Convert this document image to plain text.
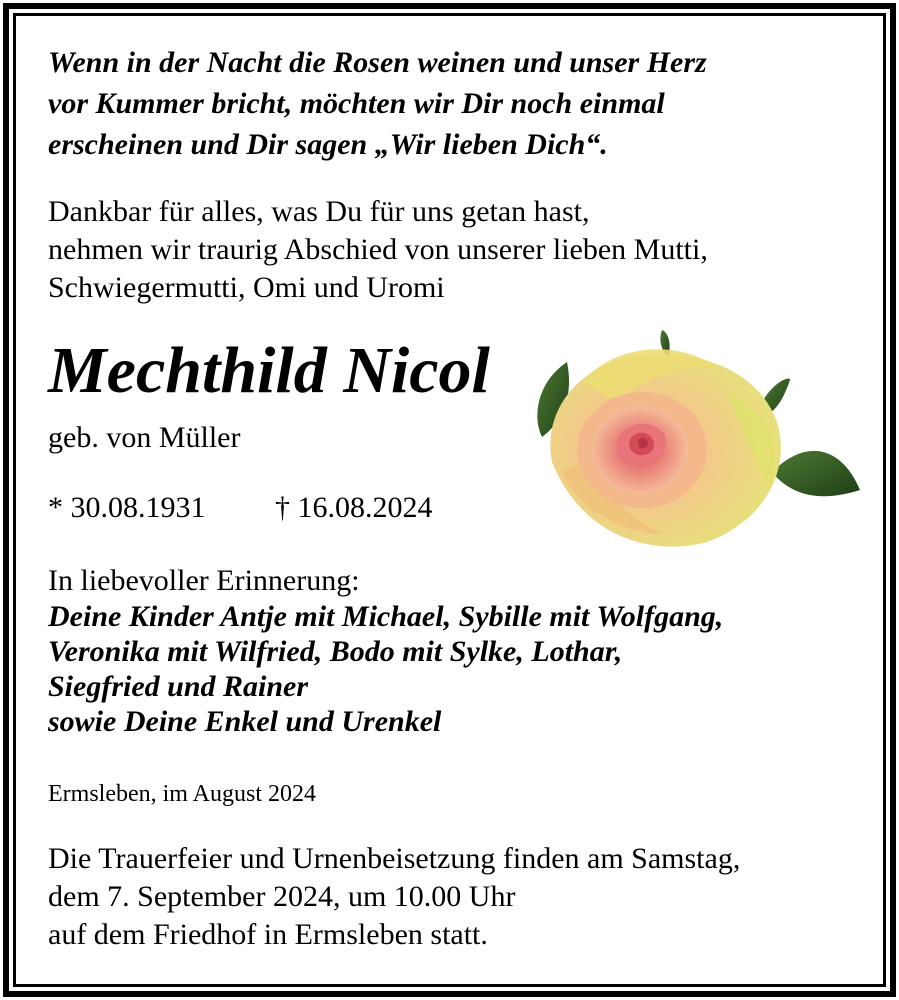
Wenn in der Nacht die Rosen weinen und unser Herz
vor Kummer bricht, möchten wir Dir noch einmal
erscheinen und Dir sagen „Wir lieben Dich“.
Dankbar für alles, was Du für uns getan hast,
nehmen wir traurig Abschied von unserer lieben Mutti,
Schwiegermutti, Omi und Uromi
Mechthild Nicol
geb. von Müller
* 30.08.1931 † 16.08.2024
In liebevoller Erinnerung:
Deine Kinder Antje mit Michael, Sybille mit Wolfgang,
Veronika mit Wilfried, Bodo mit Sylke, Lothar,
Siegfried und Rainer
sowie Deine Enkel und Urenkel
Ermsleben, im August 2024
Die Trauerfeier und Urnenbeisetzung finden am Samstag,
dem 7. September 2024, um 10.00 Uhr
auf dem Friedhof in Ermsleben statt.
